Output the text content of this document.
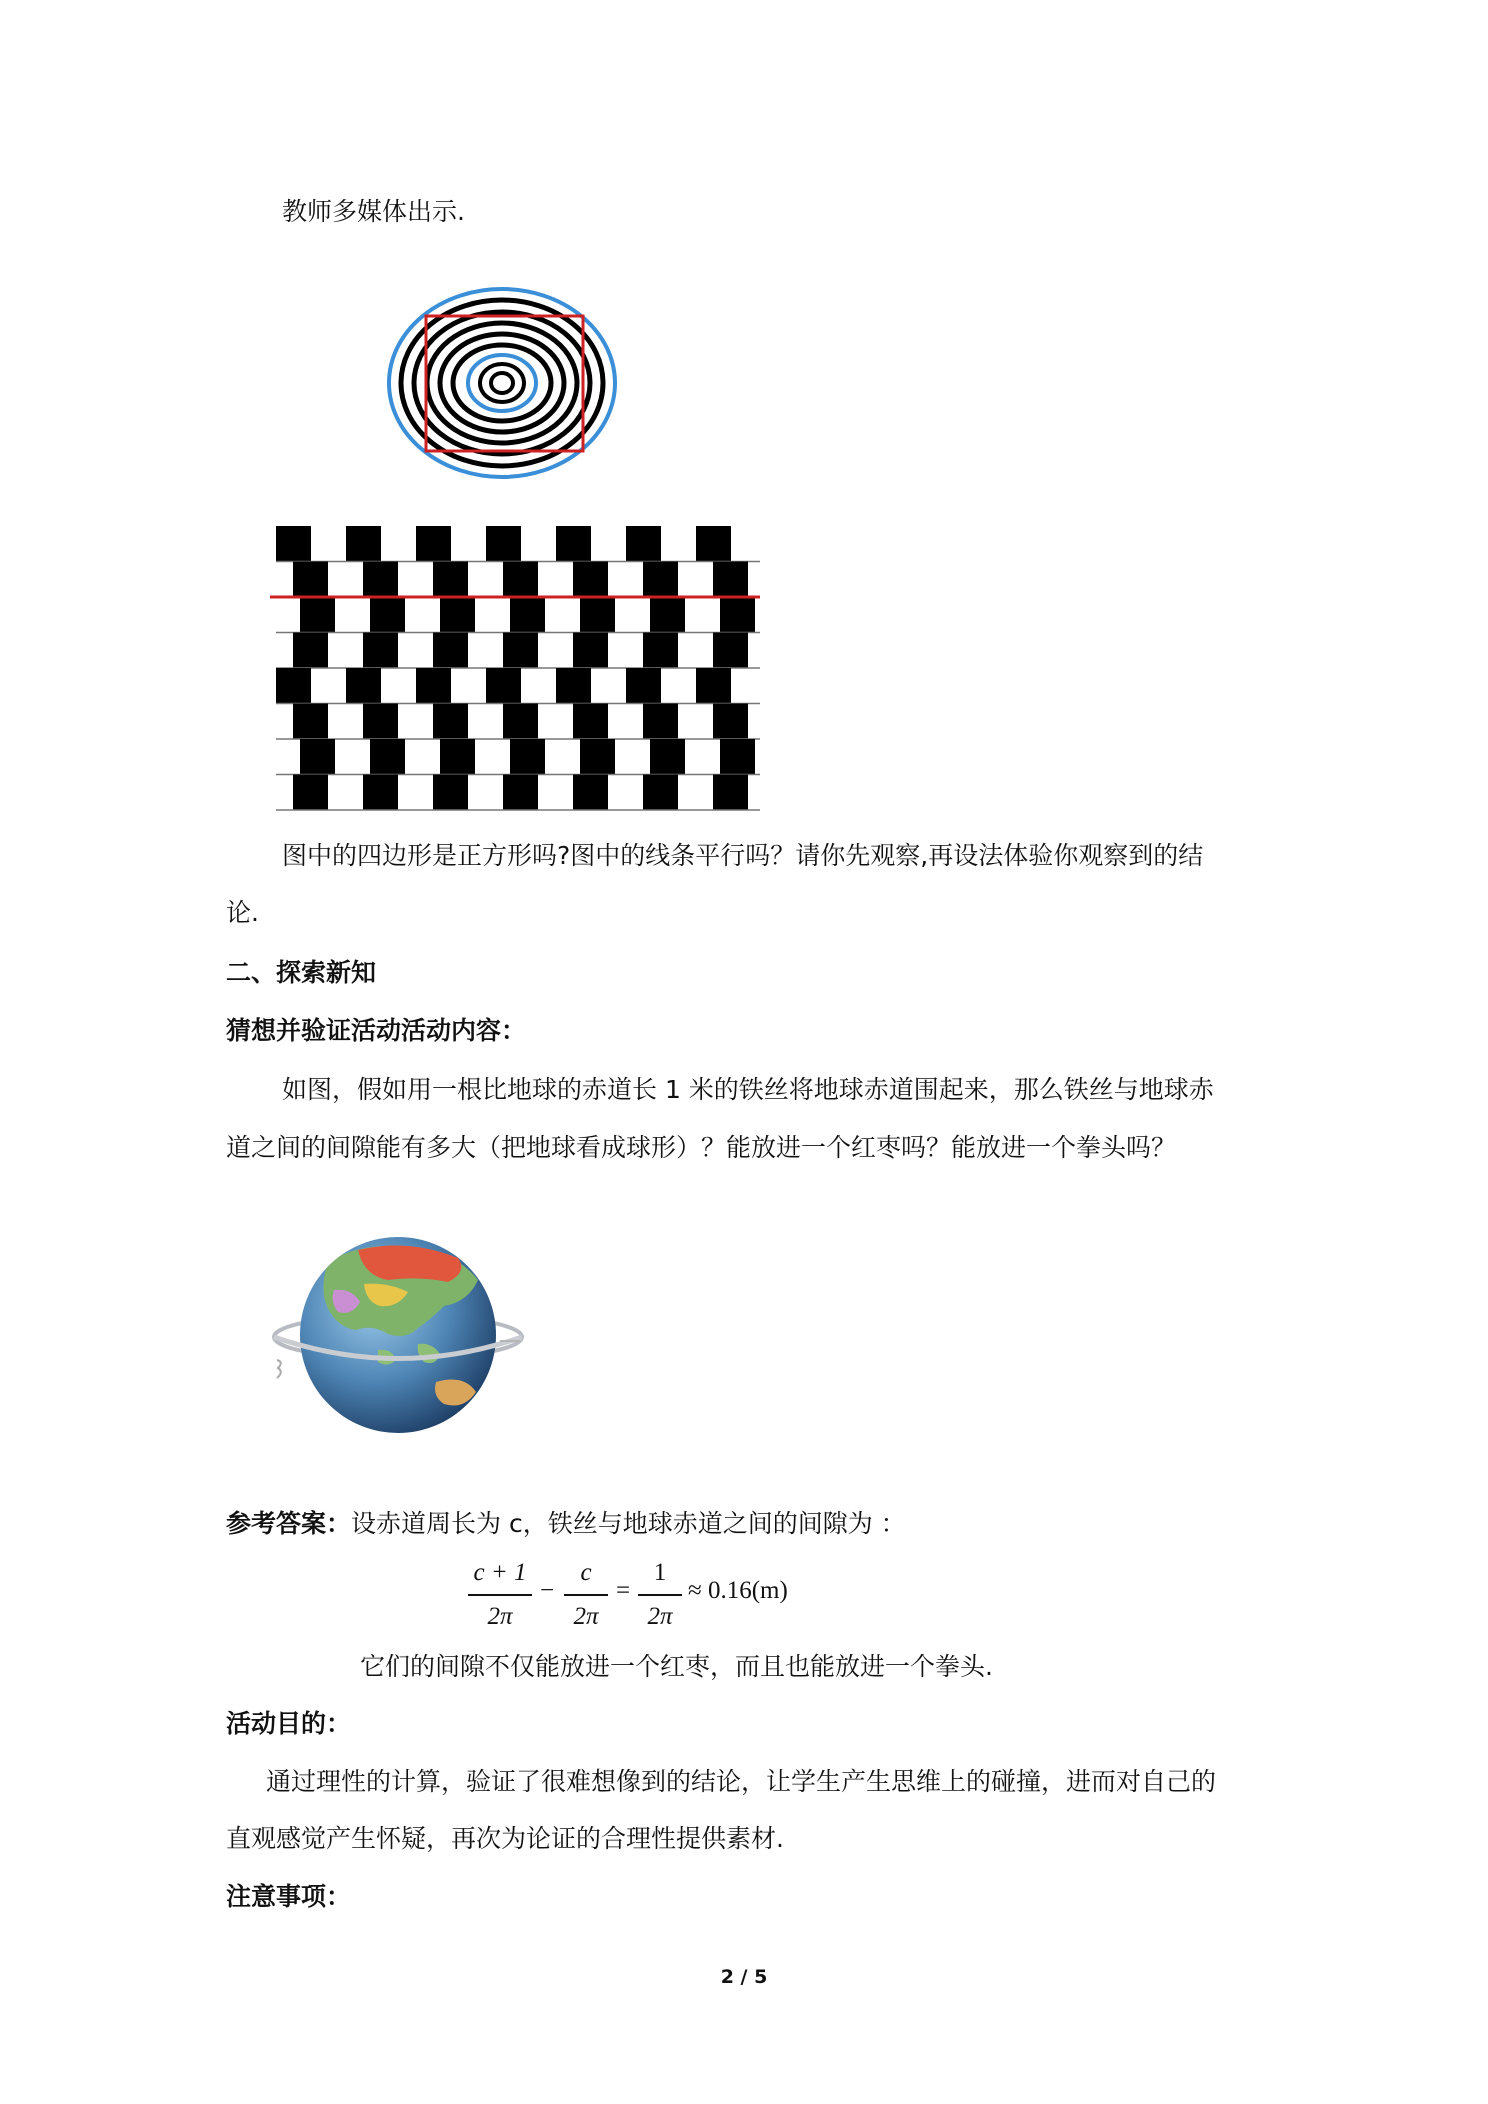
教师多媒体出示.
图中的四边形是正方形吗?图中的线条平行吗？请你先观察,再设法体验你观察到的结
论.
二、探索新知
猜想并验证活动活动内容：
如图，假如用一根比地球的赤道长 1 米的铁丝将地球赤道围起来，那么铁丝与地球赤
道之间的间隙能有多大（把地球看成球形）？能放进一个红枣吗？能放进一个拳头吗？
参考答案：设赤道周长为 c，铁丝与地球赤道之间的间隙为 ：
c + 1
2π
−
c
2π
=
1
2π
≈ 0.16(m)
它们的间隙不仅能放进一个红枣，而且也能放进一个拳头.
活动目的：
通过理性的计算，验证了很难想像到的结论，让学生产生思维上的碰撞，进而对自己的
直观感觉产生怀疑，再次为论证的合理性提供素材.
注意事项：
2 / 5
